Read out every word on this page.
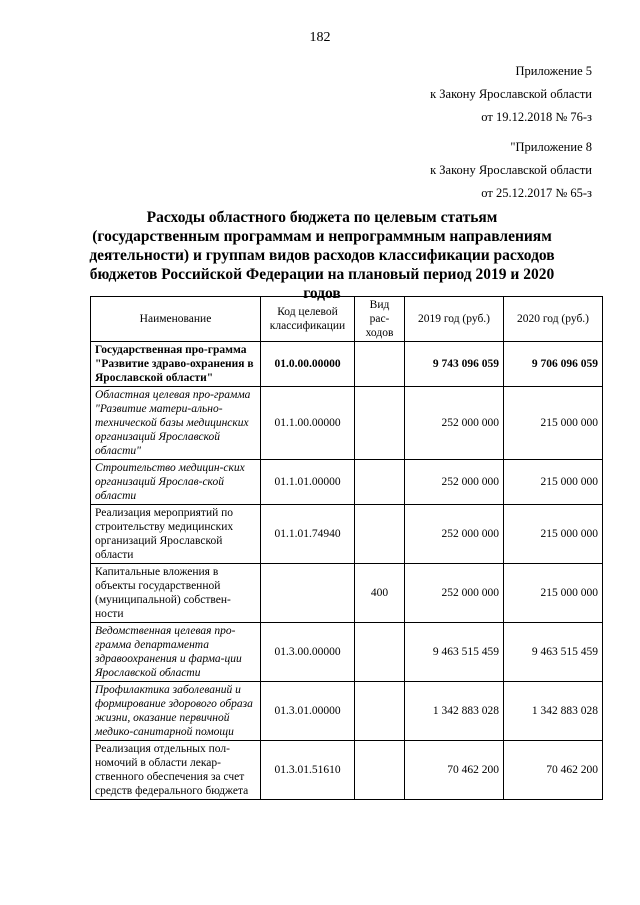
182
Приложение 5
к Закону Ярославской области
от 19.12.2018 № 76-з
"Приложение 8
к Закону Ярославской области
от 25.12.2017 № 65-з
Расходы областного бюджета по целевым статьям (государственным программам и непрограммным направлениям деятельности) и группам видов расходов классификации расходов бюджетов Российской Федерации на плановый период 2019 и 2020 годов
Наименование	Код целевой классификации	Вид рас-ходов	2019 год (руб.)	2020 год (руб.)
Государственная про-грамма "Развитие здраво-охранения в Ярославской области"	01.0.00.00000		9 743 096 059	9 706 096 059
Областная целевая про-грамма "Развитие матери-ально-технической базы медицинских организаций Ярославской области"	01.1.00.00000		252 000 000	215 000 000
Строительство медицин-ских организаций Ярослав-ской области	01.1.01.00000		252 000 000	215 000 000
Реализация мероприятий по строительству медицинских организаций Ярославской области	01.1.01.74940		252 000 000	215 000 000
Капитальные вложения в объекты государственной (муниципальной) собствен-ности		400	252 000 000	215 000 000
Ведомственная целевая про-грамма департамента здравоохранения и фарма-ции Ярославской области	01.3.00.00000		9 463 515 459	9 463 515 459
Профилактика заболеваний и формирование здорового образа жизни, оказание первичной медико-санитарной помощи	01.3.01.00000		1 342 883 028	1 342 883 028
Реализация отдельных пол-номочий в области лекар-ственного обеспечения за счет средств федерального бюджета	01.3.01.51610		70 462 200	70 462 200
